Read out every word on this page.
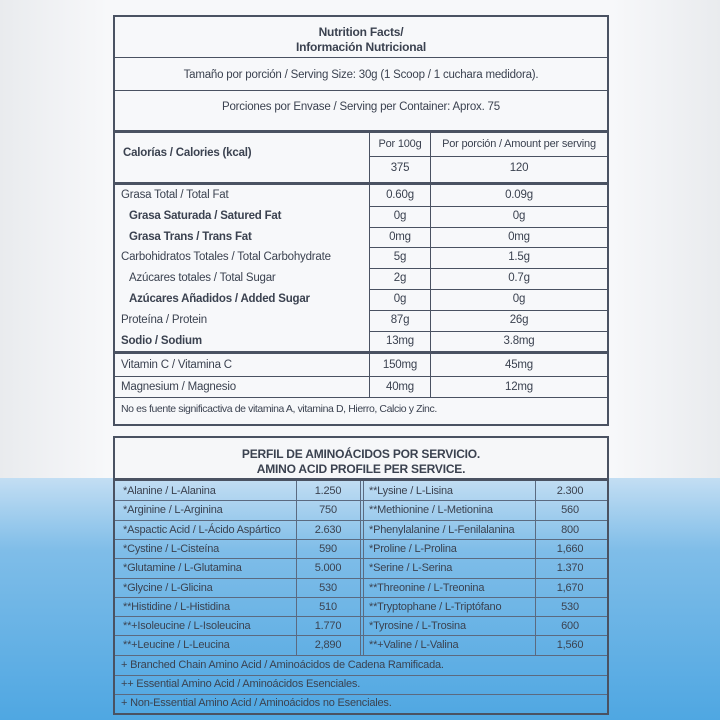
Nutrition Facts/
Información Nutricional
Tamaño por porción / Serving Size: 30g (1 Scoop / 1 cuchara medidora).
Porciones por Envase / Serving per Container: Aprox. 75
Calorías / Calories (kcal)
Por 100g	Por porción / Amount per serving
375	120
No es fuente significactiva de vitamina A, vitamina D, Hierro, Calcio y Zinc.
Grasa Total / Total Fat	0.60g	0.09g
Grasa Saturada / Satured Fat	0g	0g
Grasa Trans / Trans Fat	0mg	0mg
Carbohidratos Totales / Total Carbohydrate	5g	1.5g
Azúcares totales / Total Sugar	2g	0.7g
Azúcares Añadidos / Added Sugar	0g	0g
Proteína / Protein	87g	26g
Sodio / Sodium	13mg	3.8mg
Vitamin C / Vitamina C	150mg	45mg
Magnesium / Magnesio	40mg	12mg
PERFIL DE AMINOÁCIDOS POR SERVICIO.
AMINO ACID PROFILE PER SERVICE.
*Alanine / L-Alanina	1.250	**Lysine / L-Lisina	2.300
*Arginine / L-Arginina	750	**Methionine / L-Metionina	560
*Aspactic Acid / L-Ácido Aspártico	2.630	*Phenylalanine / L-Fenilalanina	800
*Cystine / L-Cisteína	590	*Proline / L-Prolina	1,660
*Glutamine / L-Glutamina	5.000	*Serine / L-Serina	1.370
*Glycine / L-Glicina	530	**Threonine / L-Treonina	1,670
**Histidine / L-Histidina	510	**Tryptophane / L-Triptófano	530
**+Isoleucine / L-Isoleucina	1.770	*Tyrosine / L-Trosina	600
**+Leucine / L-Leucina	2,890	**+Valine / L-Valina	1,560
+ Branched Chain Amino Acid / Aminoácidos de Cadena Ramificada.
++ Essential Amino Acid / Aminoácidos Esenciales.
+ Non-Essential Amino Acid / Aminoácidos no Esenciales.
